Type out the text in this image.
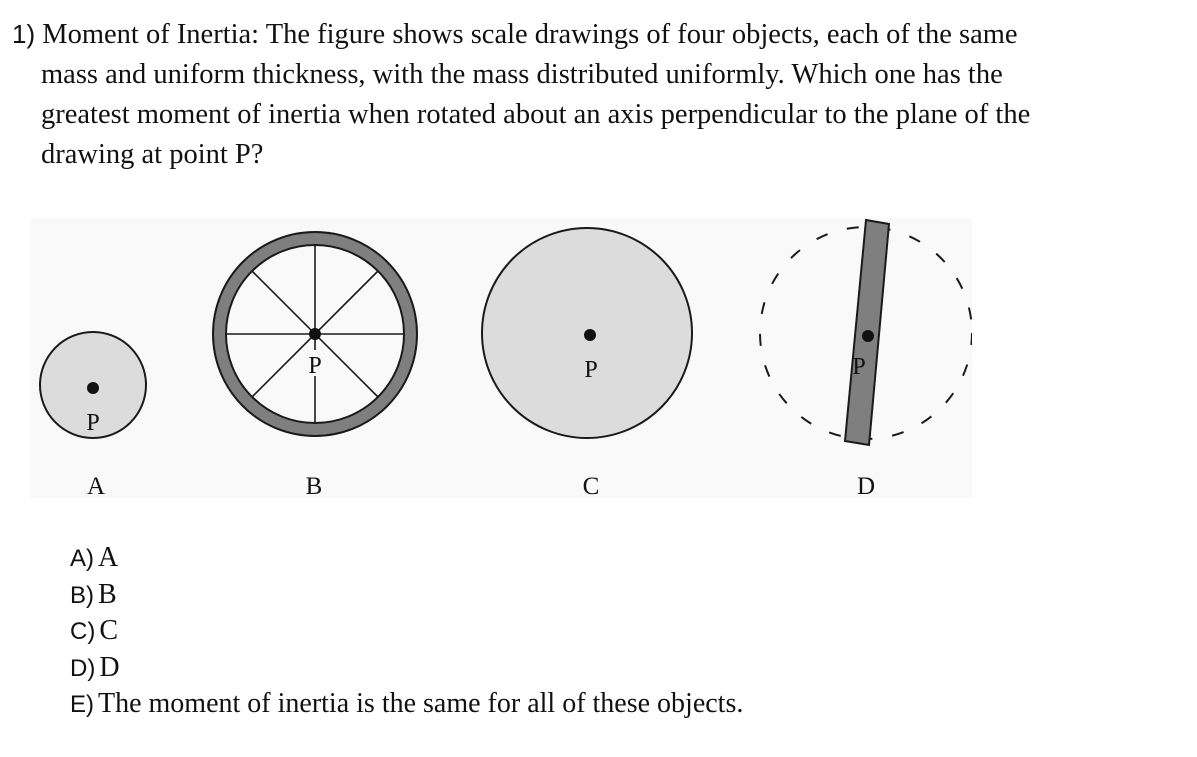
1) Moment of Inertia: The figure shows scale drawings of four objects, each of the same
mass and uniform thickness, with the mass distributed uniformly. Which one has the
greatest moment of inertia when rotated about an axis perpendicular to the plane of the
drawing at point P?
P
A
P
B
P
C
P
D
A) A
B) B
C) C
D) D
E) The moment of inertia is the same for all of these objects.
